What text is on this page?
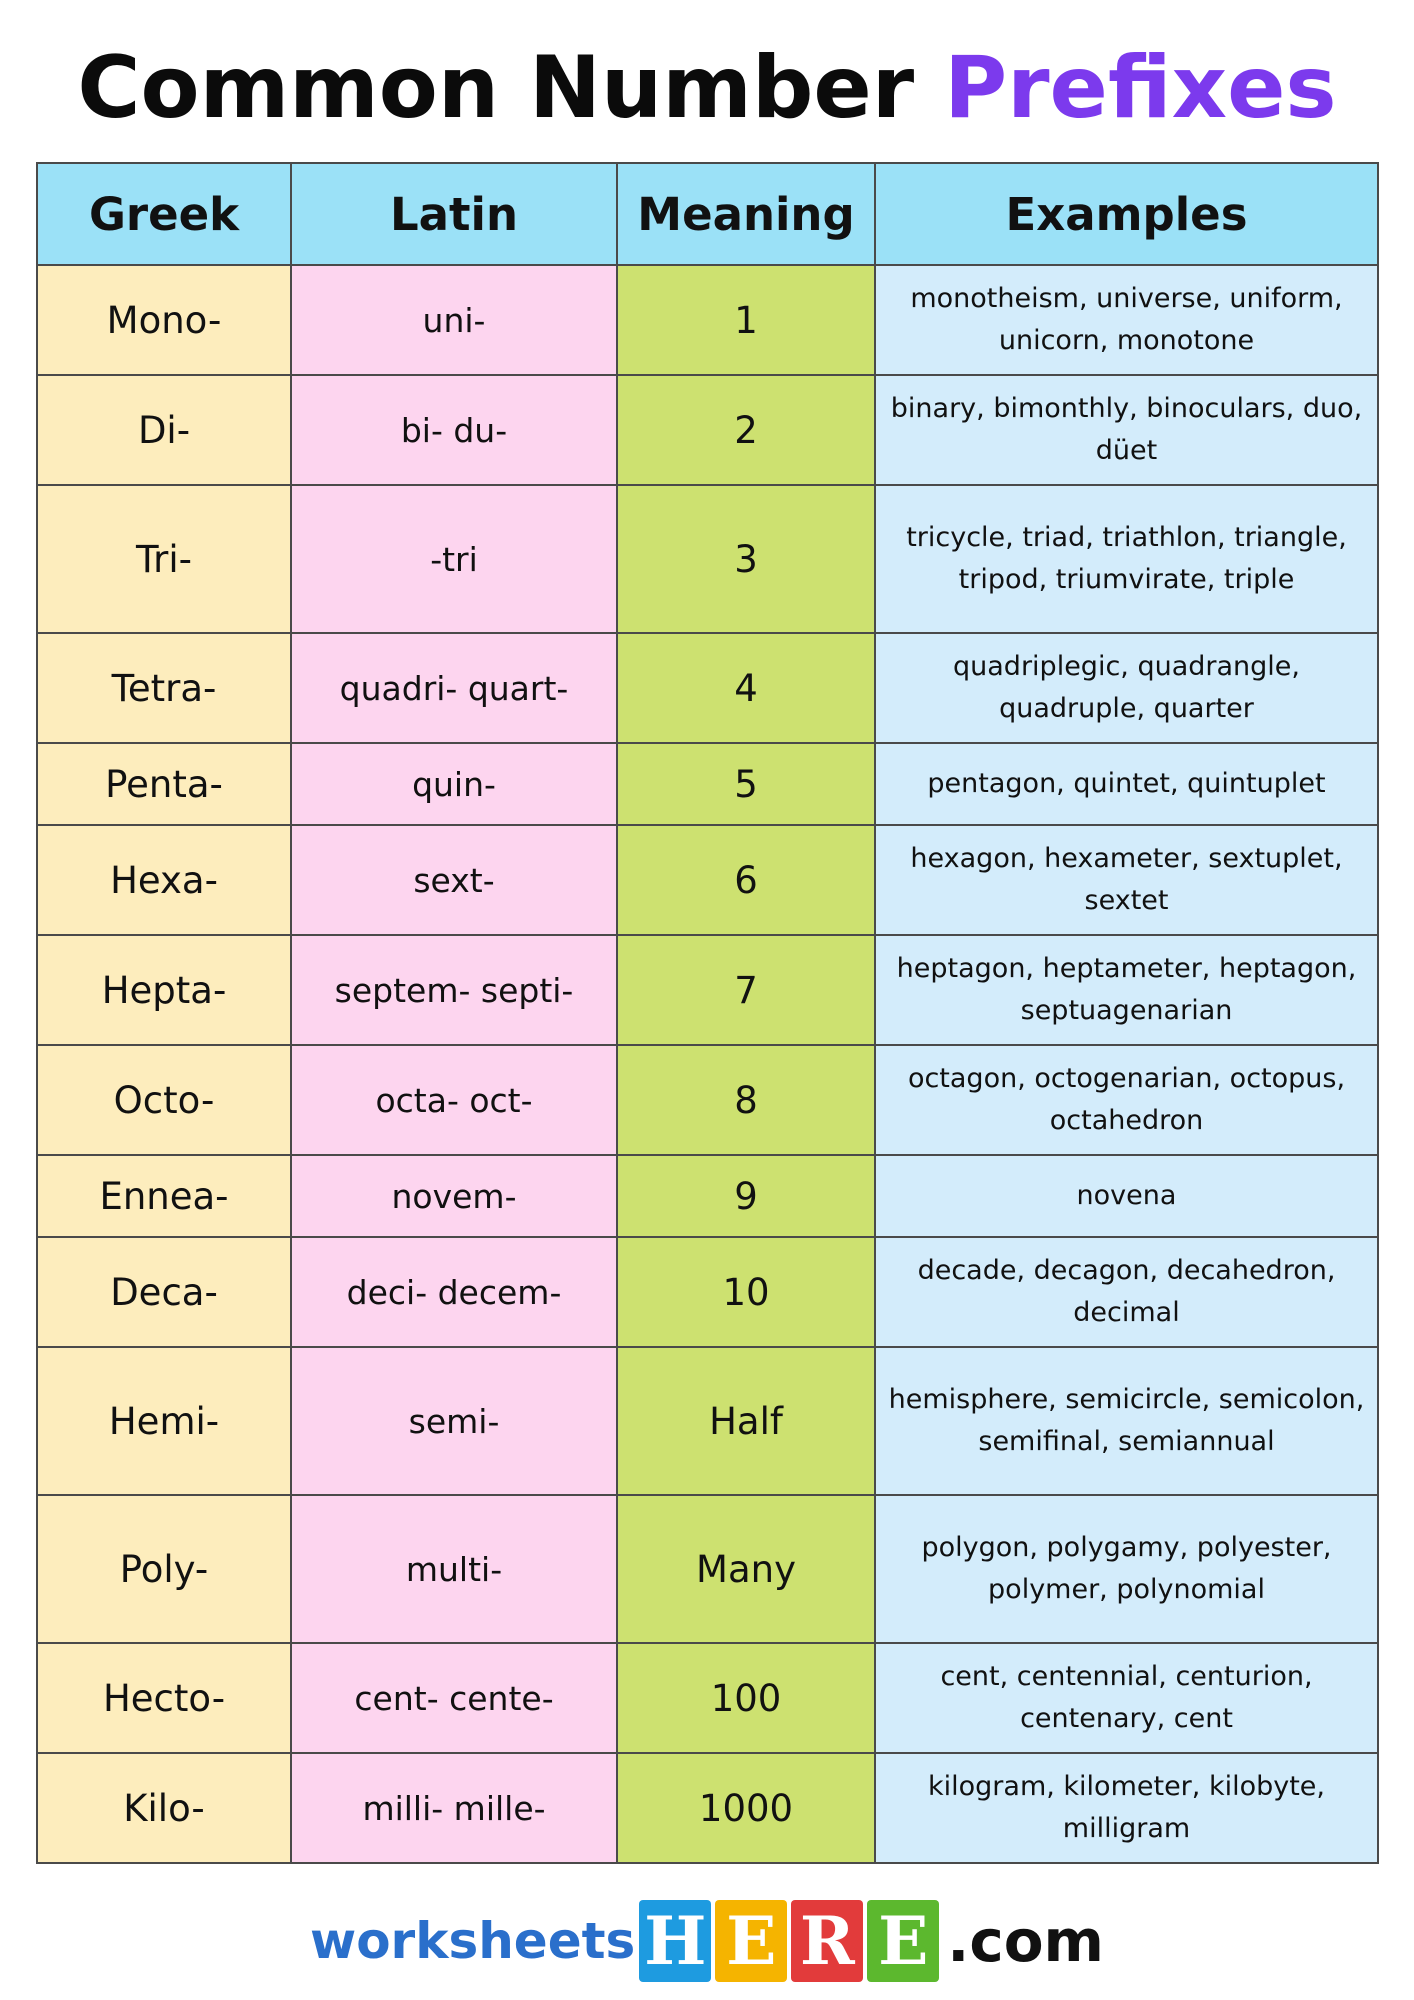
Common Number Prefixes
Greek	Latin	Meaning	Examples
Mono-	uni-	1	monotheism, universe, uniform, unicorn, monotone
Di-	bi- du-	2	binary, bimonthly, binoculars, duo, düet
Tri-	-tri	3	tricycle, triad, triathlon, triangle, tripod, triumvirate, triple
Tetra-	quadri- quart-	4	quadriplegic, quadrangle, quadruple, quarter
Penta-	quin-	5	pentagon, quintet, quintuplet
Hexa-	sext-	6	hexagon, hexameter, sextuplet, sextet
Hepta-	septem- septi-	7	heptagon, heptameter, heptagon, septuagenarian
Octo-	octa- oct-	8	octagon, octogenarian, octopus, octahedron
Ennea-	novem-	9	novena
Deca-	deci- decem-	10	decade, decagon, decahedron, decimal
Hemi-	semi-	Half	hemisphere, semicircle, semicolon, semifinal, semiannual
Poly-	multi-	Many	polygon, polygamy, polyester, polymer, polynomial
Hecto-	cent- cente-	100	cent, centennial, centurion, centenary, cent
Kilo-	milli- mille-	1000	kilogram, kilometer, kilobyte, milligram
worksheets H E R E .com
